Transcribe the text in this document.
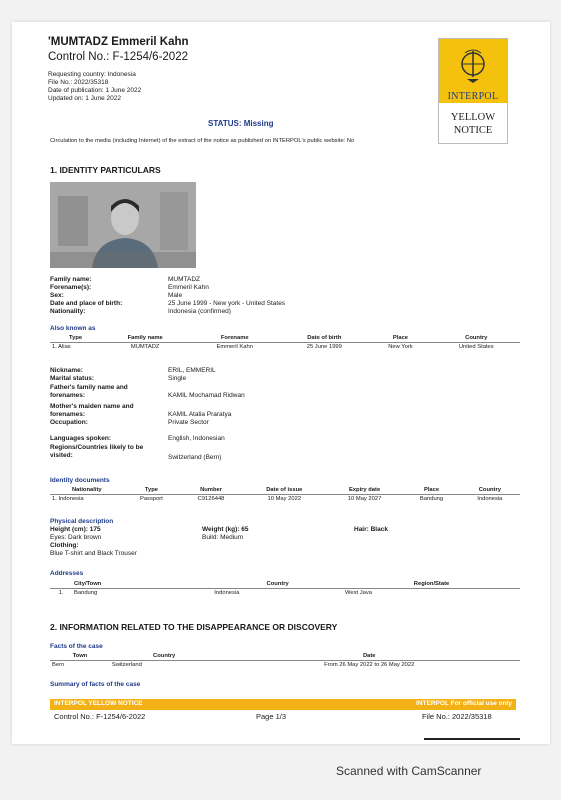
'MUMTADZ Emmeril Kahn
Control No.: F-1254/6-2022
Requesting country: Indonesia
File No.: 2022/35318
Date of publication: 1 June 2022
Updated on: 1 June 2022	INTERPOL
YELLOW
NOTICE
STATUS: Missing
Circulation to the media (including Internet) of the extract of the notice as published on INTERPOL's public website: No
1. IDENTITY PARTICULARS
Family name:	MUMTADZ
Forename(s):	Emmeril Kahn
Sex:	Male
Date and place of birth:	25 June 1999 - New york - United States
Nationality:	Indonesia (confirmed)
Also known as
Type	Family name	Forename	Date of birth	Place	Country
1. Alias	MUMTADZ	Emmeril Kahn	25 June 1999	New York	United States
Nickname:	ERIL, EMMERIL
Marital status:	Single
Father's family name and forenames:	KAMIL Mochamad Ridwan
Mother's maiden name and forenames:	KAMIL Atalia Praratya
Occupation:	Private Sector
Languages spoken:	English, Indonesian
Regions/Countries likely to be visited:	Switzerland (Bern)
Identity documents
Nationality	Type	Number	Date of issue	Expiry date	Place	Country
1. Indonesia	Passport	C9126448	10 May 2022	10 May 2027	Bandung	Indonesia
Physical description
Height (cm): 175	Weight (kg): 65	Hair: Black
Eyes: Dark brown	Build: Medium
Clothing:
Blue T-shirt and Black Trouser
Addresses
	City/Town	Country	Region/State
1.	Bandung	Indonesia	West Java
2. INFORMATION RELATED TO THE DISAPPEARANCE OR DISCOVERY
Facts of the case
Town	Country	Date
Bern	Switzerland	From 26 May 2022 to 26 May 2022
Summary of facts of the case
INTERPOL YELLOW NOTICE	INTERPOL For official use only
Control No.: F-1254/6-2022	Page 1/3	File No.: 2022/35318
Scanned with CamScanner
